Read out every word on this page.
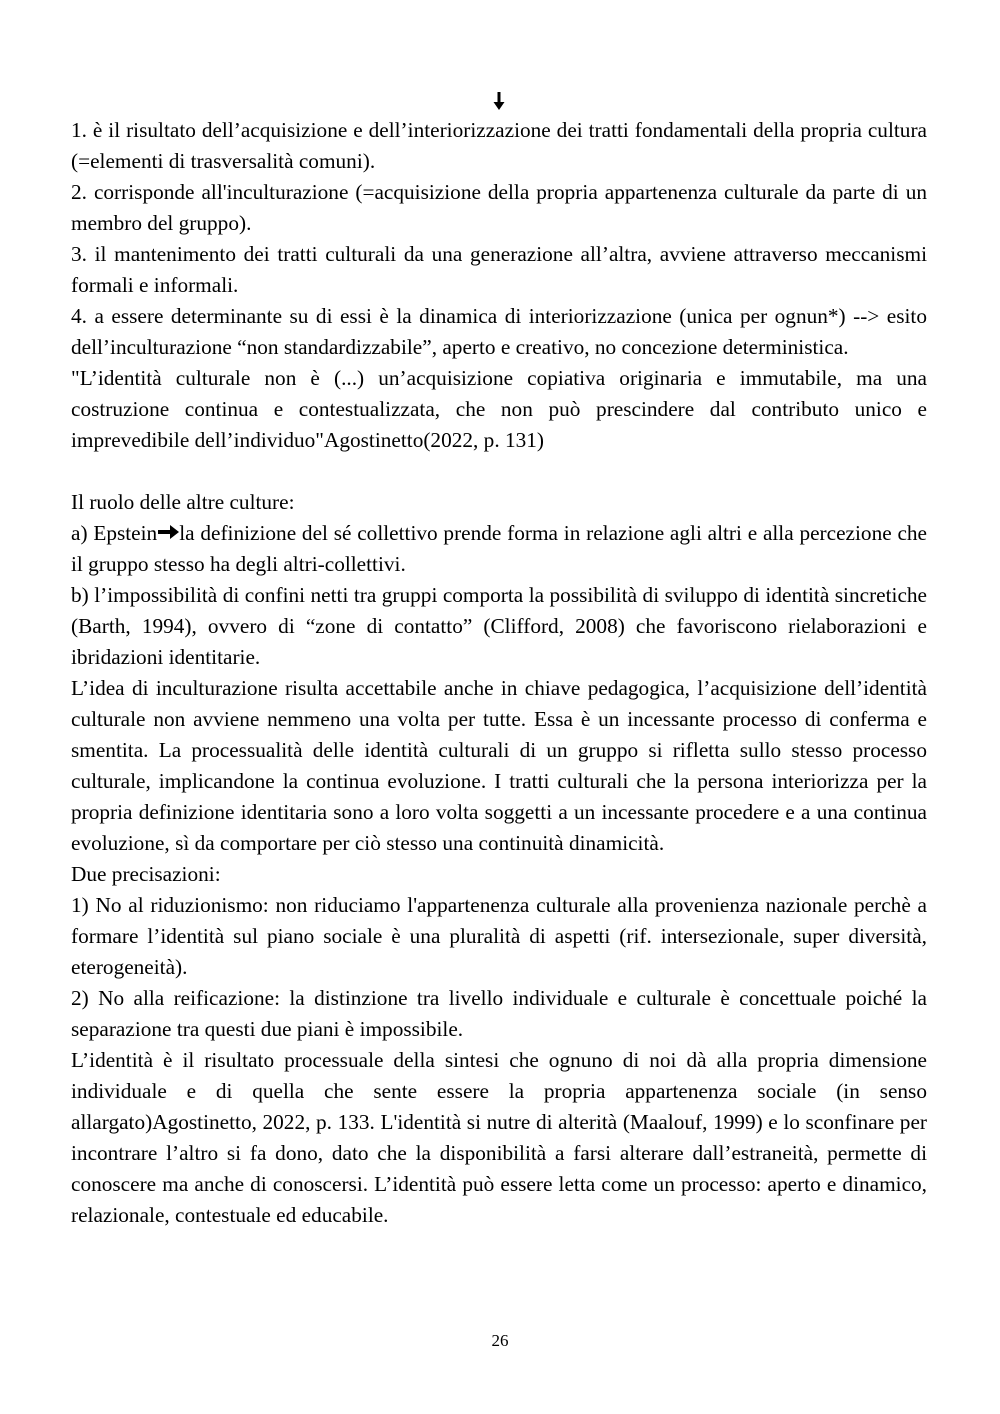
1. è il risultato dell’acquisizione e dell’interiorizzazione dei tratti fondamentali della propria cultura (=elementi di trasversalità comuni).

2. corrisponde all'inculturazione (=acquisizione della propria appartenenza culturale da parte di un membro del gruppo).

3. il mantenimento dei tratti culturali da una generazione all’altra, avviene attraverso meccanismi formali e informali.

4. a essere determinante su di essi è la dinamica di interiorizzazione (unica per ognun*) --> esito dell’inculturazione “non standardizzabile”, aperto e creativo, no concezione deterministica.

"L’identità culturale non è (...) un’acquisizione copiativa originaria e immutabile, ma una costruzione continua e contestualizzata, che non può prescindere dal contributo unico e imprevedibile dell’individuo"Agostinetto(2022, p. 131)

Il ruolo delle altre culture:

a) Epstein la definizione del sé collettivo prende forma in relazione agli altri e alla percezione che il gruppo stesso ha degli altri-collettivi.

b) l’impossibilità di confini netti tra gruppi comporta la possibilità di sviluppo di identità sincretiche (Barth, 1994), ovvero di “zone di contatto” (Clifford, 2008) che favoriscono rielaborazioni e ibridazioni identitarie.

L’idea di inculturazione risulta accettabile anche in chiave pedagogica, l’acquisizione dell’identità culturale non avviene nemmeno una volta per tutte. Essa è un incessante processo di conferma e smentita. La processualità delle identità culturali di un gruppo si rifletta sullo stesso processo culturale, implicandone la continua evoluzione. I tratti culturali che la persona interiorizza per la propria definizione identitaria sono a loro volta soggetti a un incessante procedere e a una continua evoluzione, sì da comportare per ciò stesso una continuità dinamicità.

Due precisazioni:

1) No al riduzionismo: non riduciamo l'appartenenza culturale alla provenienza nazionale perchè a formare l’identità sul piano sociale è una pluralità di aspetti (rif. intersezionale, super diversità, eterogeneità).

2) No alla reificazione: la distinzione tra livello individuale e culturale è concettuale poiché la separazione tra questi due piani è impossibile.

L’identità è il risultato processuale della sintesi che ognuno di noi dà alla propria dimensione individuale e di quella che sente essere la propria appartenenza sociale (in senso allargato)Agostinetto, 2022, p. 133. L'identità si nutre di alterità (Maalouf, 1999) e lo sconfinare per incontrare l’altro si fa dono, dato che la disponibilità a farsi alterare dall’estraneità, permette di conoscere ma anche di conoscersi. L’identità può essere letta come un processo: aperto e dinamico, relazionale, contestuale ed educabile.

26
